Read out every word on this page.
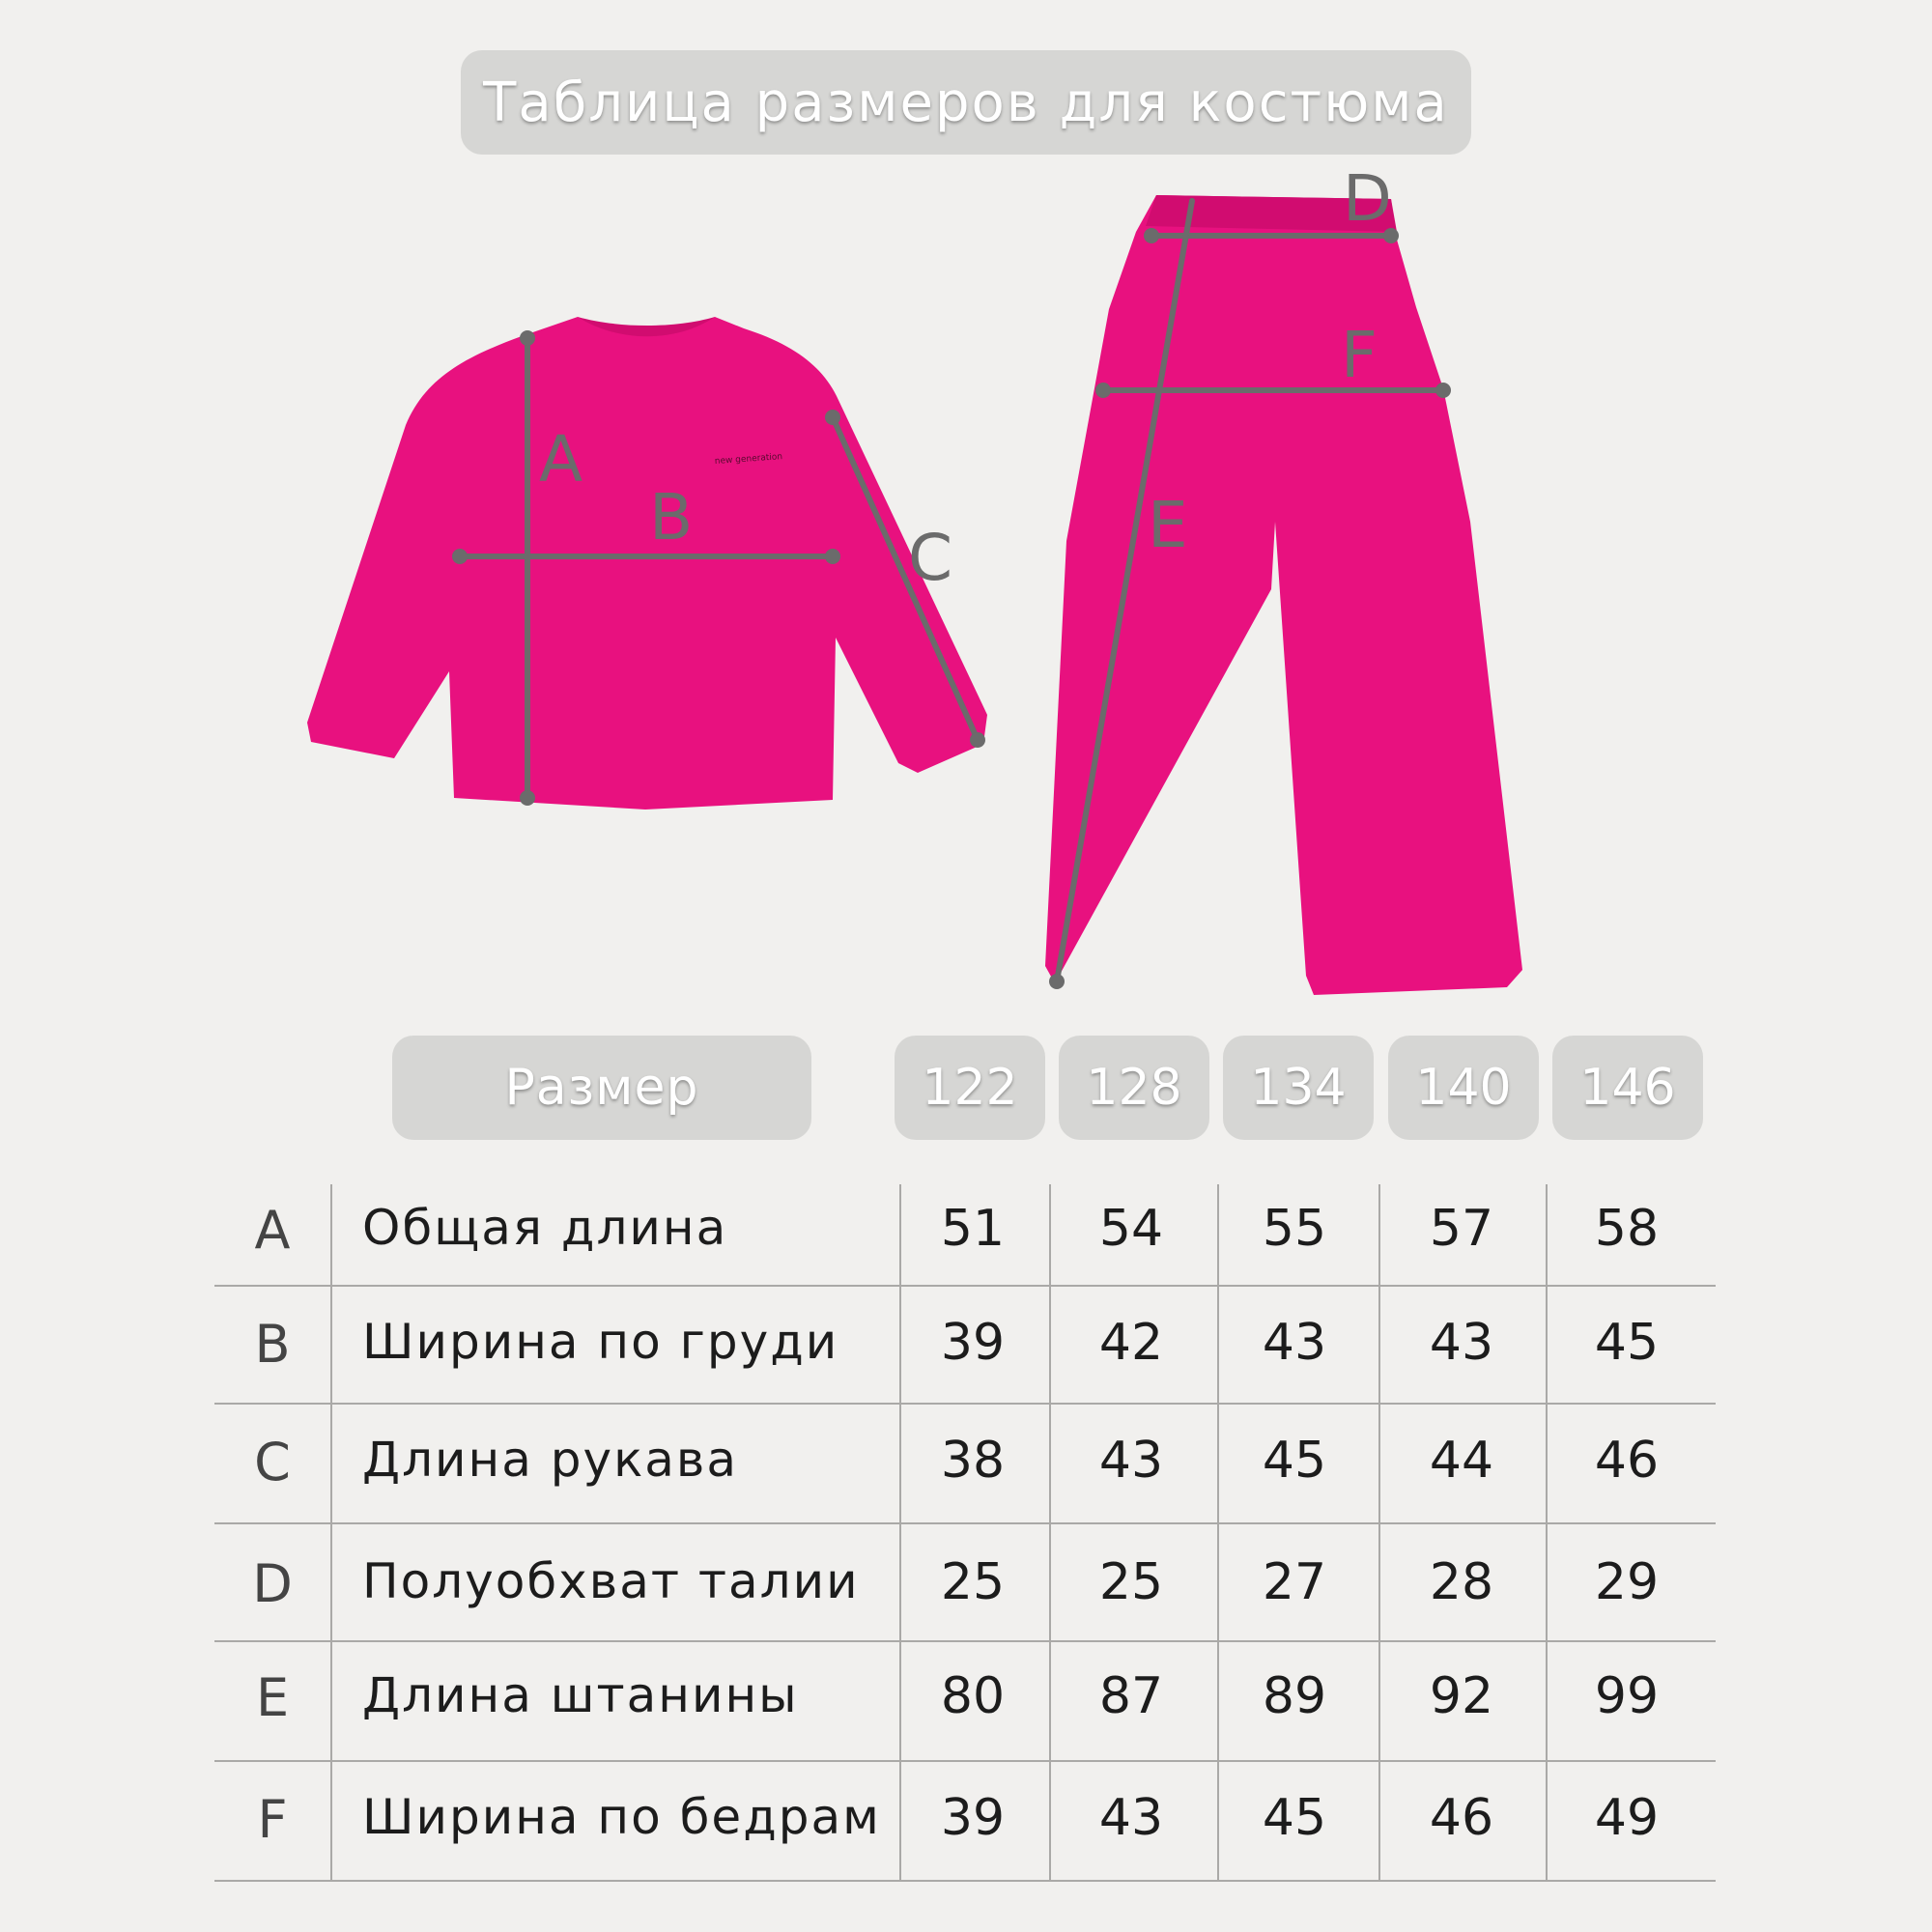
Таблица размеров для костюма
new generation
A
B
C
D
E
F
Размер	122	128	134	140	146
A	Общая длина	51	54	55	57	58
B	Ширина по груди	39	42	43	43	45
C	Длина рукава	38	43	45	44	46
D	Полуобхват талии	25	25	27	28	29
E	Длина штанины	80	87	89	92	99
F	Ширина по бедрам	39	43	45	46	49
